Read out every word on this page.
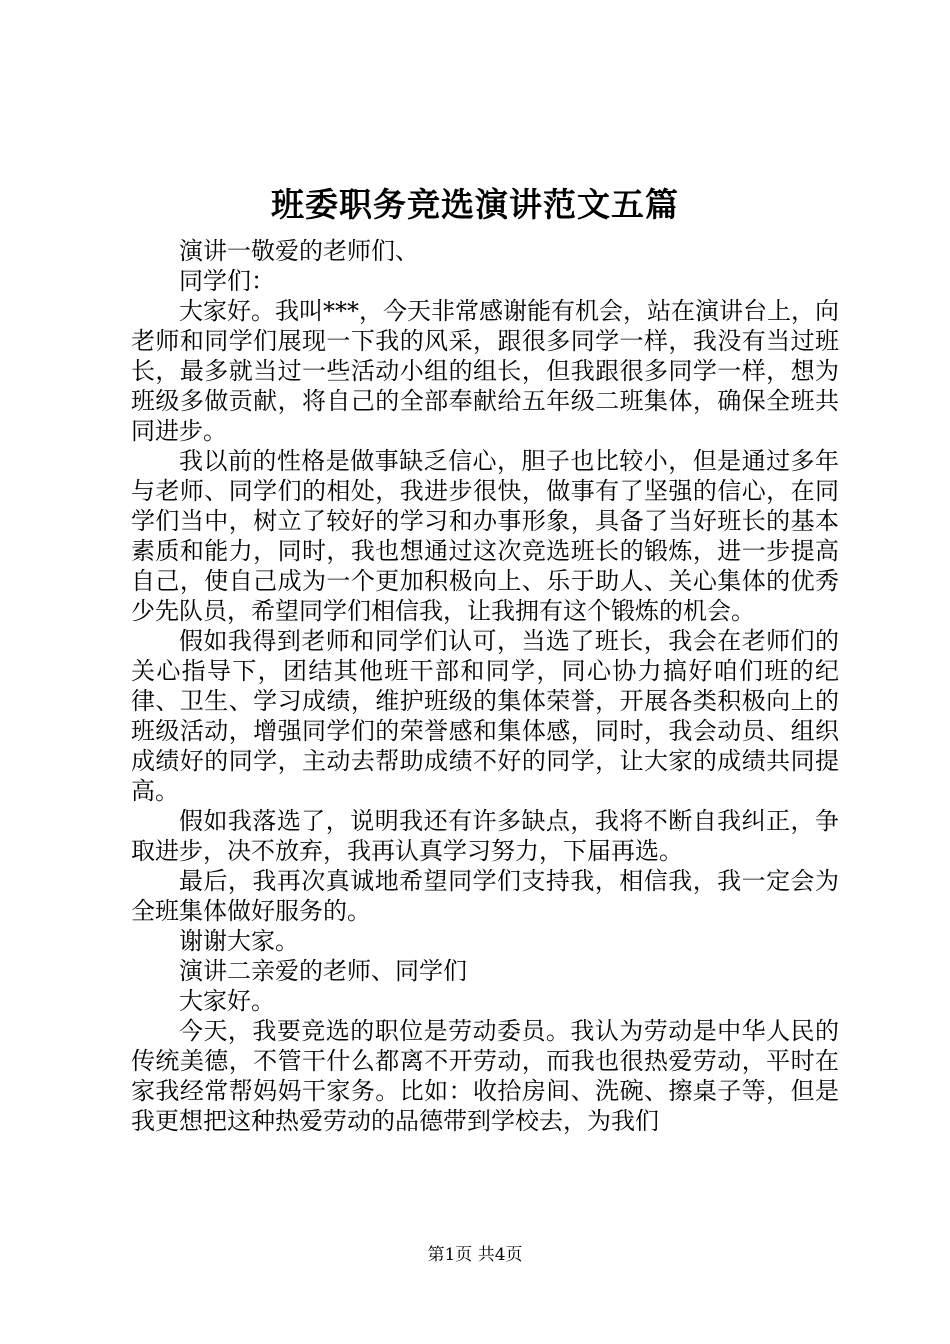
班委职务竞选演讲范文五篇

演讲一敬爱的老师们、

同学们：

大家好。我叫***，今天非常感谢能有机会，站在演讲台上，向老师和同学们展现一下我的风采，跟很多同学一样，我没有当过班长，最多就当过一些活动小组的组长，但我跟很多同学一样，想为班级多做贡献，将自己的全部奉献给五年级二班集体，确保全班共同进步。

我以前的性格是做事缺乏信心，胆子也比较小，但是通过多年与老师、同学们的相处，我进步很快，做事有了坚强的信心，在同学们当中，树立了较好的学习和办事形象，具备了当好班长的基本素质和能力，同时，我也想通过这次竞选班长的锻炼，进一步提高自己，使自己成为一个更加积极向上、乐于助人、关心集体的优秀少先队员，希望同学们相信我，让我拥有这个锻炼的机会。

假如我得到老师和同学们认可，当选了班长，我会在老师们的关心指导下，团结其他班干部和同学，同心协力搞好咱们班的纪律、卫生、学习成绩，维护班级的集体荣誉，开展各类积极向上的班级活动，增强同学们的荣誉感和集体感，同时，我会动员、组织成绩好的同学，主动去帮助成绩不好的同学，让大家的成绩共同提高。

假如我落选了，说明我还有许多缺点，我将不断自我纠正，争取进步，决不放弃，我再认真学习努力，下届再选。

最后，我再次真诚地希望同学们支持我，相信我，我一定会为全班集体做好服务的。

谢谢大家。

演讲二亲爱的老师、同学们

大家好。

今天，我要竞选的职位是劳动委员。我认为劳动是中华人民的传统美德，不管干什么都离不开劳动，而我也很热爱劳动，平时在家我经常帮妈妈干家务。比如：收拾房间、洗碗、擦桌子等，但是我更想把这种热爱劳动的品德带到学校去，为我们

第1页 共4页
